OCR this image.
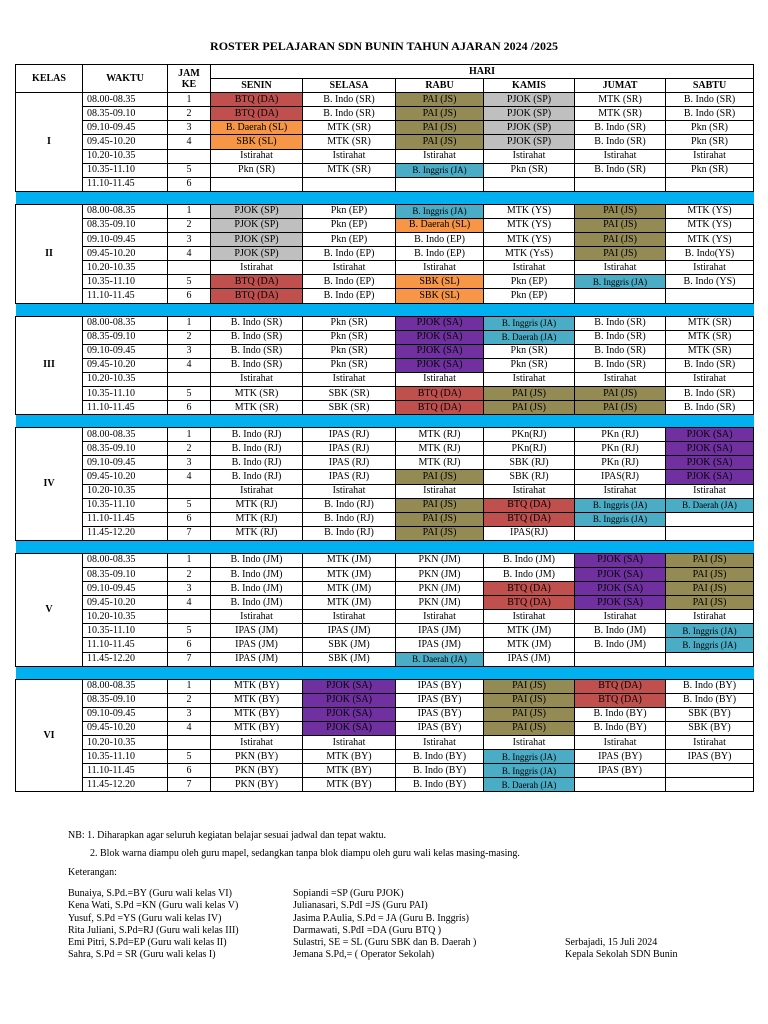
ROSTER PELAJARAN SDN BUNIN TAHUN AJARAN 2024 /2025
KELAS	WAKTU	JAM KE	HARI					
			SENIN	SELASA	RABU	KAMIS	JUMAT	SABTU
I	08.00-08.35	1	BTQ (DA)	B. Indo (SR)	PAI (JS)	PJOK (SP)	MTK (SR)	B. Indo (SR)
	08.35-09.10	2	BTQ (DA)	B. Indo (SR)	PAI (JS)	PJOK (SP)	MTK (SR)	B. Indo (SR)
	09.10-09.45	3	B. Daerah (SL)	MTK (SR)	PAI (JS)	PJOK (SP)	B. Indo (SR)	Pkn (SR)
	09.45-10.20	4	SBK (SL)	MTK (SR)	PAI (JS)	PJOK (SP)	B. Indo (SR)	Pkn (SR)
	10.20-10.35		Istirahat	Istirahat	Istirahat	Istirahat	Istirahat	Istirahat
	10.35-11.10	5	Pkn (SR)	MTK (SR)	B. Inggris (JA)	Pkn (SR)	B. Indo (SR)	Pkn (SR)
	11.10-11.45	6						

II	08.00-08.35	1	PJOK (SP)	Pkn (EP)	B. Inggris (JA)	MTK (YS)	PAI (JS)	MTK (YS)
	08.35-09.10	2	PJOK (SP)	Pkn (EP)	B. Daerah (SL)	MTK (YS)	PAI (JS)	MTK (YS)
	09.10-09.45	3	PJOK (SP)	Pkn (EP)	B. Indo (EP)	MTK (YS)	PAI (JS)	MTK (YS)
	09.45-10.20	4	PJOK (SP)	B. Indo (EP)	B. Indo (EP)	MTK (YsS)	PAI (JS)	B. Indo(YS)
	10.20-10.35		Istirahat	Istirahat	Istirahat	Istirahat	Istirahat	Istirahat
	10.35-11.10	5	BTQ (DA)	B. Indo (EP)	SBK (SL)	Pkn (EP)	B. Inggris (JA)	B. Indo (YS)
	11.10-11.45	6	BTQ (DA)	B. Indo (EP)	SBK (SL)	Pkn (EP)		

III	08.00-08.35	1	B. Indo (SR)	Pkn (SR)	PJOK (SA)	B. Inggris (JA)	B. Indo (SR)	MTK (SR)
	08.35-09.10	2	B. Indo (SR)	Pkn (SR)	PJOK (SA)	B. Daerah (JA)	B. Indo (SR)	MTK (SR)
	09.10-09.45	3	B. Indo (SR)	Pkn (SR)	PJOK (SA)	Pkn (SR)	B. Indo (SR)	MTK (SR)
	09.45-10.20	4	B. Indo (SR)	Pkn (SR)	PJOK (SA)	Pkn (SR)	B. Indo (SR)	B. Indo (SR)
	10.20-10.35		Istirahat	Istirahat	Istirahat	Istirahat	Istirahat	Istirahat
	10.35-11.10	5	MTK (SR)	SBK (SR)	BTQ (DA)	PAI (JS)	PAI (JS)	B. Indo (SR)
	11.10-11.45	6	MTK (SR)	SBK (SR)	BTQ (DA)	PAI (JS)	PAI (JS)	B. Indo (SR)

IV	08.00-08.35	1	B. Indo (RJ)	IPAS (RJ)	MTK (RJ)	PKn(RJ)	PKn (RJ)	PJOK (SA)
	08.35-09.10	2	B. Indo (RJ)	IPAS (RJ)	MTK (RJ)	PKn(RJ)	PKn (RJ)	PJOK (SA)
	09.10-09.45	3	B. Indo (RJ)	IPAS (RJ)	MTK (RJ)	SBK (RJ)	PKn (RJ)	PJOK (SA)
	09.45-10.20	4	B. Indo (RJ)	IPAS (RJ)	PAI (JS)	SBK (RJ)	IPAS(RJ)	PJOK (SA)
	10.20-10.35		Istirahat	Istirahat	Istirahat	Istirahat	Istirahat	Istirahat
	10.35-11.10	5	MTK (RJ)	B. Indo (RJ)	PAI (JS)	BTQ (DA)	B. Inggris (JA)	B. Daerah (JA)
	11.10-11.45	6	MTK (RJ)	B. Indo (RJ)	PAI (JS)	BTQ (DA)	B. Inggris (JA)	
	11.45-12.20	7	MTK (RJ)	B. Indo (RJ)	PAI (JS)	IPAS(RJ)		

V	08.00-08.35	1	B. Indo (JM)	MTK (JM)	PKN (JM)	B. Indo (JM)	PJOK (SA)	PAI (JS)
	08.35-09.10	2	B. Indo (JM)	MTK (JM)	PKN (JM)	B. Indo (JM)	PJOK (SA)	PAI (JS)
	09.10-09.45	3	B. Indo (JM)	MTK (JM)	PKN (JM)	BTQ (DA)	PJOK (SA)	PAI (JS)
	09.45-10.20	4	B. Indo (JM)	MTK (JM)	PKN (JM)	BTQ (DA)	PJOK (SA)	PAI (JS)
	10.20-10.35		Istirahat	Istirahat	Istirahat	Istirahat	Istirahat	Istirahat
	10.35-11.10	5	IPAS (JM)	IPAS (JM)	IPAS (JM)	MTK (JM)	B. Indo (JM)	B. Inggris (JA)
	11.10-11.45	6	IPAS (JM)	SBK (JM)	IPAS (JM)	MTK (JM)	B. Indo (JM)	B. Inggris (JA)
	11.45-12.20	7	IPAS (JM)	SBK (JM)	B. Daerah (JA)	IPAS (JM)		

VI	08.00-08.35	1	MTK (BY)	PJOK (SA)	IPAS (BY)	PAI (JS)	BTQ (DA)	B. Indo (BY)
	08.35-09.10	2	MTK (BY)	PJOK (SA)	IPAS (BY)	PAI (JS)	BTQ (DA)	B. Indo (BY)
	09.10-09.45	3	MTK (BY)	PJOK (SA)	IPAS (BY)	PAI (JS)	B. Indo (BY)	SBK (BY)
	09.45-10.20	4	MTK (BY)	PJOK (SA)	IPAS (BY)	PAI (JS)	B. Indo (BY)	SBK (BY)
	10.20-10.35		Istirahat	Istirahat	Istirahat	Istirahat	Istirahat	Istirahat
	10.35-11.10	5	PKN (BY)	MTK (BY)	B. Indo (BY)	B. Inggris (JA)	IPAS (BY)	IPAS (BY)
	11.10-11.45	6	PKN (BY)	MTK (BY)	B. Indo (BY)	B. Inggris (JA)	IPAS (BY)	
	11.45-12.20	7	PKN (BY)	MTK (BY)	B. Indo (BY)	B. Daerah (JA)		
NB: 1. Diharapkan agar seluruh kegiatan belajar sesuai jadwal dan tepat waktu.
2. Blok warna diampu oleh guru mapel, sedangkan tanpa blok diampu oleh guru wali kelas masing-masing.
Keterangan:
Bunaiya, S.Pd.=BY (Guru wali kelas VI)
Kena Wati, S.Pd =KN (Guru wali kelas V)
Yusuf, S.Pd =YS (Guru wali kelas IV)
Rita Juliani, S.Pd=RJ (Guru wali kelas III)
Emi Pitri, S.Pd=EP (Guru wali kelas II)
Sahra, S.Pd = SR (Guru wali kelas I)
Sopiandi =SP (Guru PJOK)
Julianasari, S.PdI =JS (Guru PAI)
Jasima P.Aulia, S.Pd = JA (Guru B. Inggris)
Darmawati, S.PdI =DA (Guru BTQ )
Sulastri, SE = SL (Guru SBK dan B. Daerah )
Jemana S.Pd,= ( Operator Sekolah)
Serbajadi, 15 Juli 2024
Kepala Sekolah SDN Bunin
